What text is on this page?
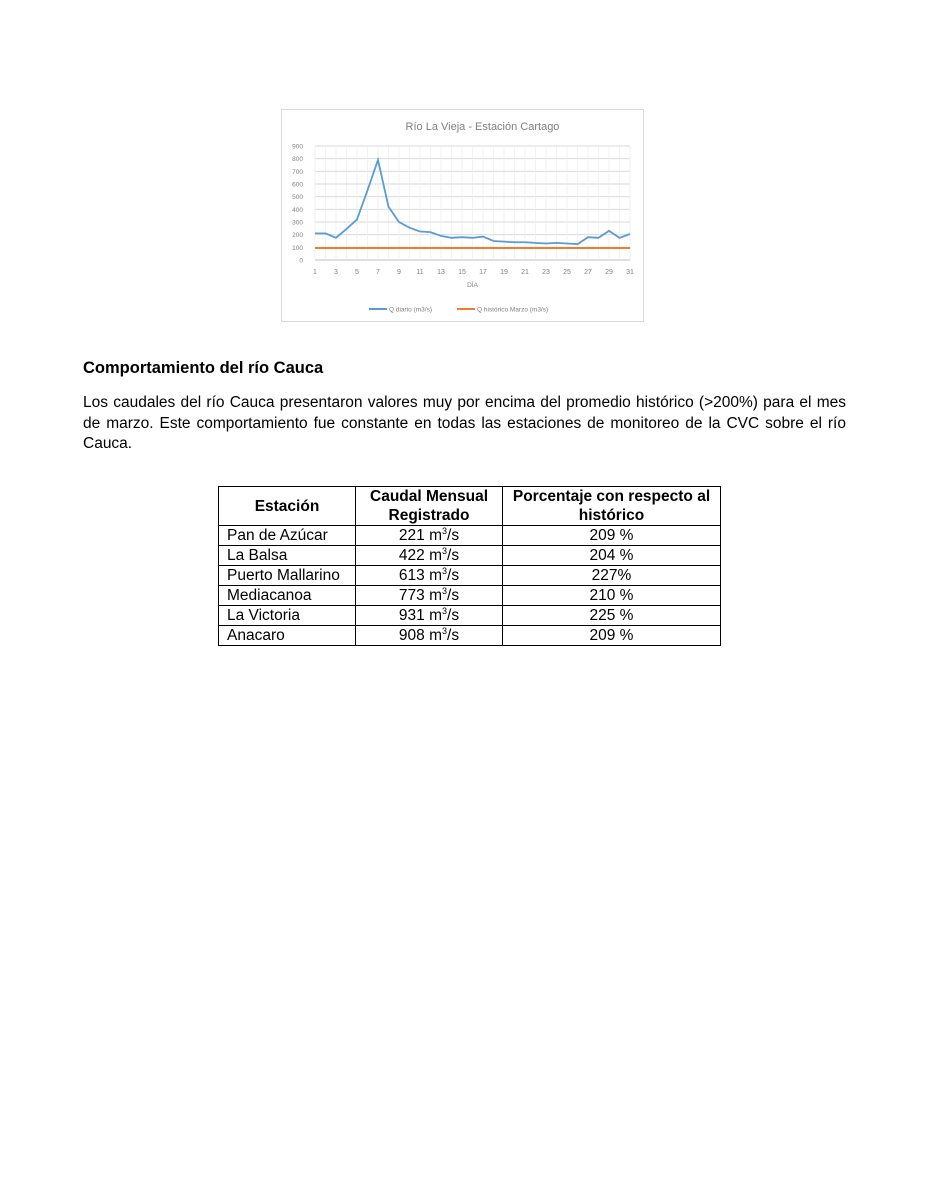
Río La Vieja - Estación Cartago
0
100
200
300
400
500
600
700
800
900
1 3 5 7 9 11 13 15 17 19 21 23 25 27 29 31
DÍA
Q diario (m3/s)	Q histórico Marzo (m3/s)
Comportamiento del río Cauca

Los caudales del río Cauca presentaron valores muy por encima del promedio histórico (>200%) para el mes de marzo. Este comportamiento fue constante en todas las estaciones de monitoreo de la CVC sobre el río Cauca.

Estación	Caudal Mensual Registrado	Porcentaje con respecto al histórico
Pan de Azúcar	221 $m^3/s$	209 %
La Balsa	422 $m^3/s$	204 %
Puerto Mallarino	613 $m^3/s$	227%
Mediacanoa	773 $m^3/s$	210 %
La Victoria	931 $m^3/s$	225 %
Anacaro	908 $m^3/s$	209 %
